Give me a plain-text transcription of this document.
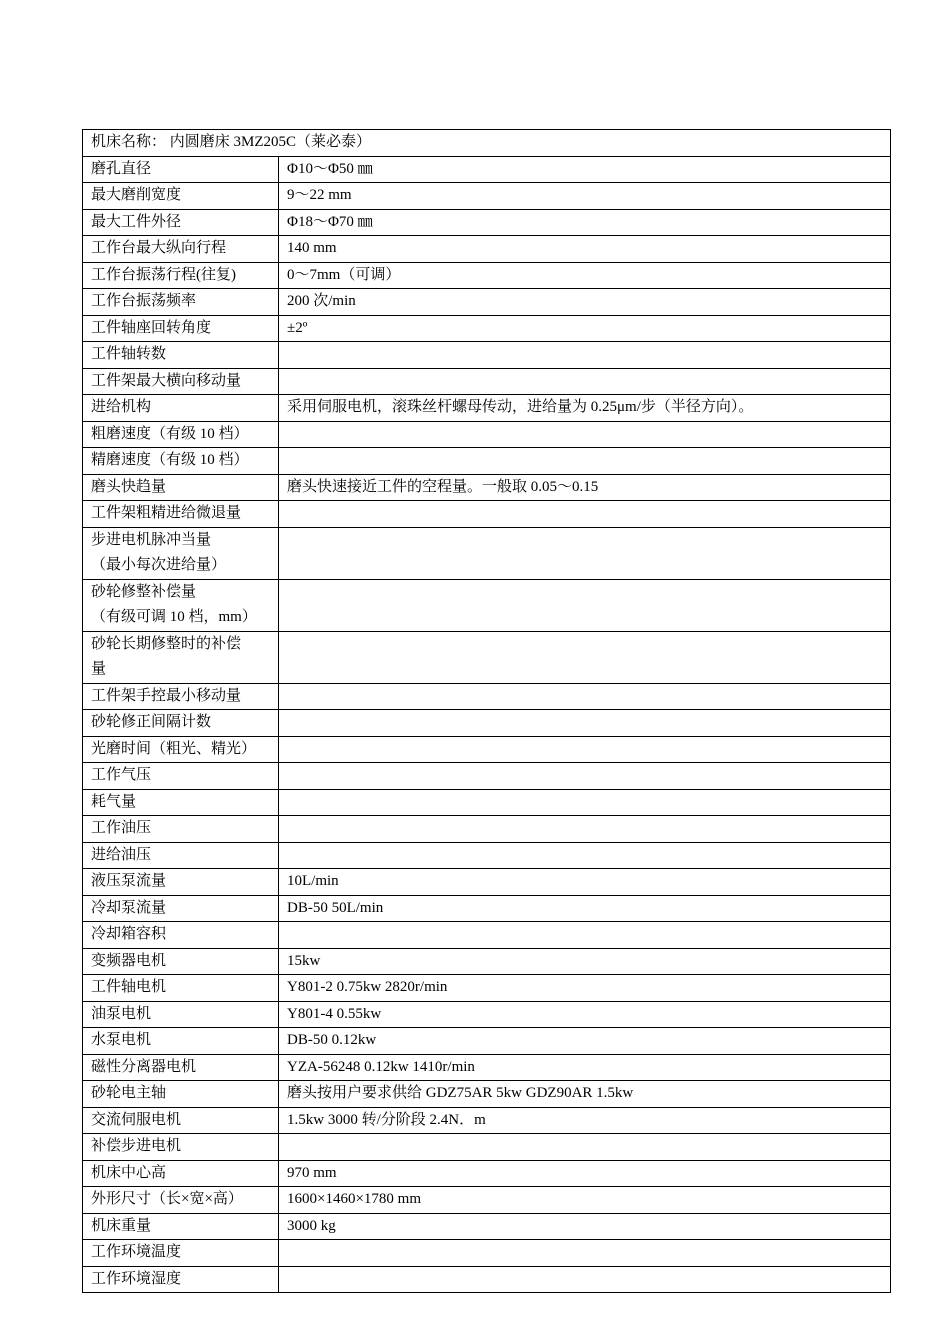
机床名称： 内圆磨床 3MZ205C（莱必泰）	

磨孔直径	Φ10～Φ50 ㎜

最大磨削宽度	9～22 mm

最大工件外径	Φ18～Φ70 ㎜

工作台最大纵向行程	140 mm

工作台振荡行程(往复)	0～7mm（可调）

工作台振荡频率	200 次/min

工件轴座回转角度	±2º

工件轴转数	

工件架最大横向移动量	

进给机构	采用伺服电机，滚珠丝杆螺母传动，进给量为 0.25μm/步（半径方向）。

粗磨速度（有级 10 档）	

精磨速度（有级 10 档）	

磨头快趋量	磨头快速接近工件的空程量。一般取 0.05～0.15

工件架粗精进给微退量	

步进电机脉冲当量
（最小每次进给量）	

砂轮修整补偿量
（有级可调 10 档，mm）	

砂轮长期修整时的补偿
量	

工件架手控最小移动量	

砂轮修正间隔计数	

光磨时间（粗光、精光）	

工作气压	

耗气量	

工作油压	

进给油压	

液压泵流量	10L/min

冷却泵流量	DB-50 50L/min

冷却箱容积	

变频器电机	15kw

工件轴电机	Y801-2 0.75kw 2820r/min

油泵电机	Y801-4 0.55kw

水泵电机	DB-50 0.12kw

磁性分离器电机	YZA-56248 0.12kw 1410r/min

砂轮电主轴	磨头按用户要求供给 GDZ75AR 5kw GDZ90AR 1.5kw

交流伺服电机	1.5kw 3000 转/分阶段 2.4N．m

补偿步进电机	

机床中心高	970 mm

外形尺寸（长×宽×高）	1600×1460×1780 mm

机床重量	3000 kg

工作环境温度	

工作环境湿度	
